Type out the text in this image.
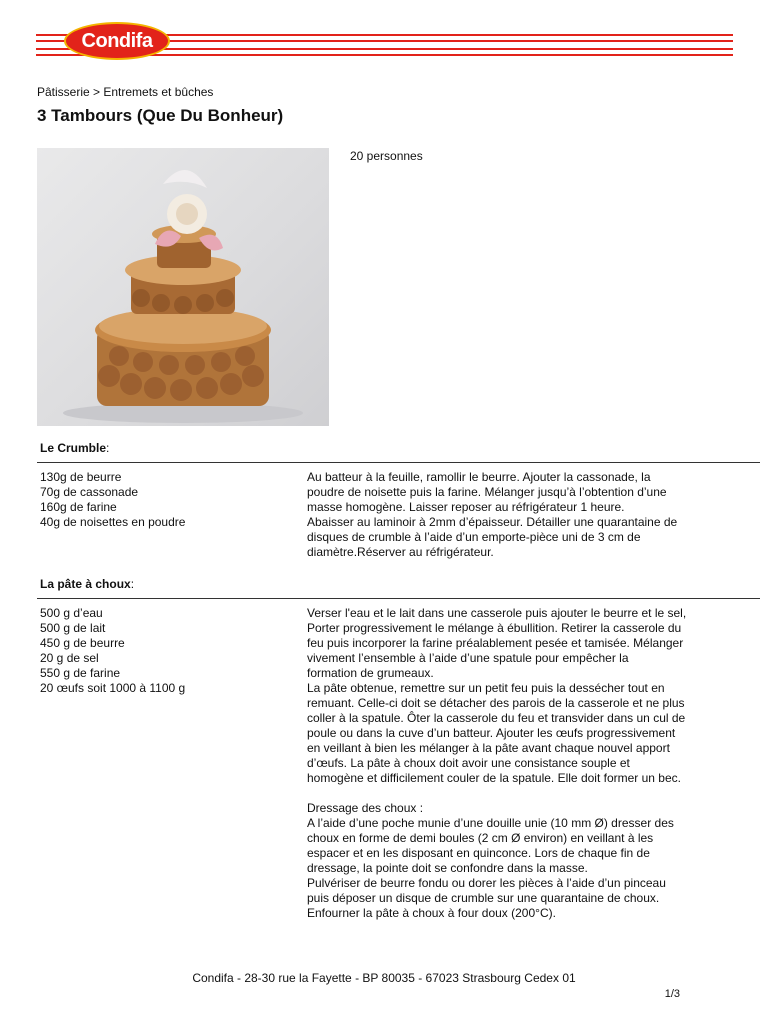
Condifa
Pâtisserie > Entremets et bûches
3 Tambours (Que Du Bonheur)
20 personnes
Le Crumble:
130g de beurre
70g de cassonade
160g de farine
40g de noisettes en poudre
Au batteur à la feuille, ramollir le beurre. Ajouter la cassonade, la
poudre de noisette puis la farine. Mélanger jusqu’à l’obtention d’une
masse homogène. Laisser reposer au réfrigérateur 1 heure.
Abaisser au laminoir à 2mm d’épaisseur. Détailler une quarantaine de
disques de crumble à l’aide d’un emporte-pièce uni de 3 cm de
diamètre.Réserver au réfrigérateur.
La pâte à choux:
500 g d’eau
500 g de lait
450 g de beurre
20 g de sel
550 g de farine
20 œufs soit 1000 à 1100 g
Verser l'eau et le lait dans une casserole puis ajouter le beurre et le sel,
Porter progressivement le mélange à ébullition. Retirer la casserole du
feu puis incorporer la farine préalablement pesée et tamisée. Mélanger
vivement l’ensemble à l’aide d’une spatule pour empêcher la
formation de grumeaux.
La pâte obtenue, remettre sur un petit feu puis la dessécher tout en
remuant. Celle-ci doit se détacher des parois de la casserole et ne plus
coller à la spatule. Ôter la casserole du feu et transvider dans un cul de
poule ou dans la cuve d’un batteur. Ajouter les œufs progressivement
en veillant à bien les mélanger à la pâte avant chaque nouvel apport
d’œufs. La pâte à choux doit avoir une consistance souple et
homogène et difficilement couler de la spatule. Elle doit former un bec.
Dressage des choux :
A l’aide d’une poche munie d’une douille unie (10 mm Ø) dresser des
choux en forme de demi boules (2 cm Ø environ) en veillant à les
espacer et en les disposant en quinconce. Lors de chaque fin de
dressage, la pointe doit se confondre dans la masse.
Pulvériser de beurre fondu ou dorer les pièces à l’aide d’un pinceau
puis déposer un disque de crumble sur une quarantaine de choux.
Enfourner la pâte à choux à four doux (200°C).
Condifa - 28-30 rue la Fayette - BP 80035 - 67023 Strasbourg Cedex 01
1/3
